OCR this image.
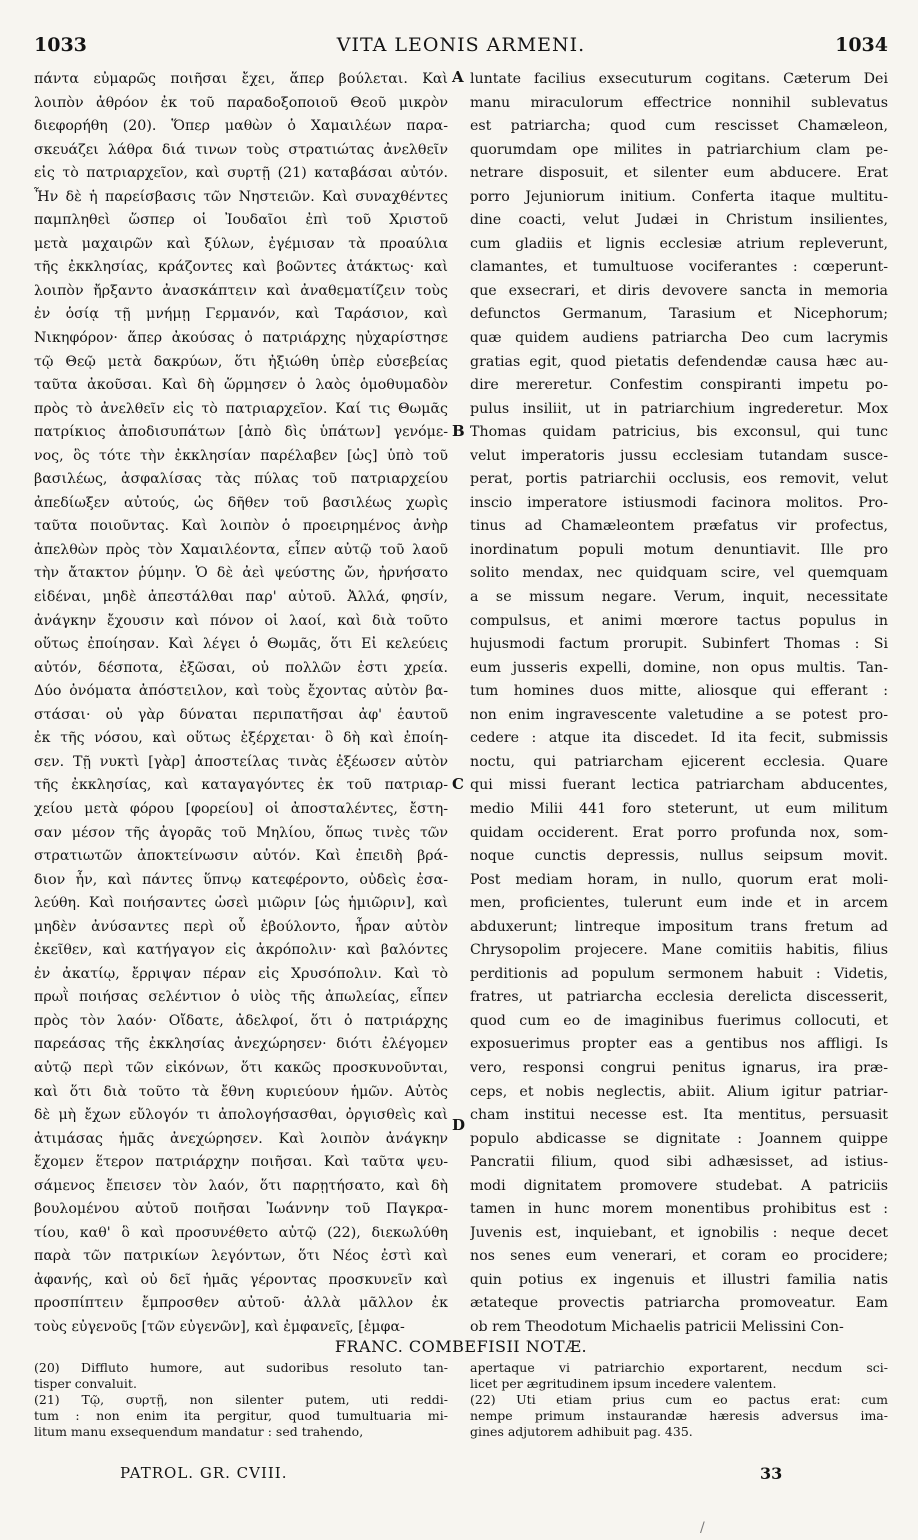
1033	VITA LEONIS ARMENI.	1034
πάντα εὐμαρῶς ποιῆσαι ἔχει, ἅπερ βούλεται. Καὶ
λοιπὸν ἀθρόον ἐκ τοῦ παραδοξοποιοῦ Θεοῦ μικρὸν
διεφορήθη (20). Ὅπερ μαθὼν ὁ Χαμαιλέων παρα-
σκευάζει λάθρα διά τινων τοὺς στρατιώτας ἀνελθεῖν
εἰς τὸ πατριαρχεῖον, καὶ συρτῇ (21) καταβάσαι αὐτόν.
Ἦν δὲ ἡ παρείσβασις τῶν Νηστειῶν. Καὶ συναχθέντες
παμπληθεὶ ὥσπερ οἱ Ἰουδαῖοι ἐπὶ τοῦ Χριστοῦ
μετὰ μαχαιρῶν καὶ ξύλων, ἐγέμισαν τὰ προαύλια
τῆς ἐκκλησίας, κράζοντες καὶ βοῶντες ἀτάκτως· καὶ
λοιπὸν ἤρξαντο ἀνασκάπτειν καὶ ἀναθεματίζειν τοὺς
ἐν ὁσίᾳ τῇ μνήμῃ Γερμανόν, καὶ Ταράσιον, καὶ
Νικηφόρον· ἅπερ ἀκούσας ὁ πατριάρχης ηὐχαρίστησε
τῷ Θεῷ μετὰ δακρύων, ὅτι ἠξιώθη ὑπὲρ εὐσεβείας
ταῦτα ἀκοῦσαι. Καὶ δὴ ὥρμησεν ὁ λαὸς ὁμοθυμαδὸν
πρὸς τὸ ἀνελθεῖν εἰς τὸ πατριαρχεῖον. Καί τις Θωμᾶς
πατρίκιος ἀποδισυπάτων [ἀπὸ δὶς ὑπάτων] γενόμε-
νος, ὃς τότε τὴν ἐκκλησίαν παρέλαβεν [ὡς] ὑπὸ τοῦ
βασιλέως, ἀσφαλίσας τὰς πύλας τοῦ πατριαρχείου
ἀπεδίωξεν αὐτούς, ὡς δῆθεν τοῦ βασιλέως χωρὶς
ταῦτα ποιοῦντας. Καὶ λοιπὸν ὁ προειρημένος ἀνὴρ
ἀπελθὼν πρὸς τὸν Χαμαιλέοντα, εἶπεν αὐτῷ τοῦ λαοῦ
τὴν ἄτακτον ῥύμην. Ὁ δὲ ἀεὶ ψεύστης ὤν, ἠρνήσατο
εἰδέναι, μηδὲ ἀπεστάλθαι παρ' αὐτοῦ. Ἀλλά, φησίν,
ἀνάγκην ἔχουσιν καὶ πόνον οἱ λαοί, καὶ διὰ τοῦτο
οὕτως ἐποίησαν. Καὶ λέγει ὁ Θωμᾶς, ὅτι Εἰ κελεύεις
αὐτόν, δέσποτα, ἐξῶσαι, οὐ πολλῶν ἐστι χρεία.
Δύο ὀνόματα ἀπόστειλον, καὶ τοὺς ἔχοντας αὐτὸν βα-
στάσαι· οὐ γὰρ δύναται περιπατῆσαι ἀφ' ἑαυτοῦ
ἐκ τῆς νόσου, καὶ οὕτως ἐξέρχεται· ὃ δὴ καὶ ἐποίη-
σεν. Τῇ νυκτὶ [γὰρ] ἀποστείλας τινὰς ἐξέωσεν αὐτὸν
τῆς ἐκκλησίας, καὶ καταγαγόντες ἐκ τοῦ πατριαρ-
χείου μετὰ φόρου [φορείου] οἱ ἀποσταλέντες, ἔστη-
σαν μέσον τῆς ἀγορᾶς τοῦ Μηλίου, ὅπως τινὲς τῶν
στρατιωτῶν ἀποκτείνωσιν αὐτόν. Καὶ ἐπειδὴ βρά-
διον ἦν, καὶ πάντες ὕπνῳ κατεφέροντο, οὐδεὶς ἐσα-
λεύθη. Καὶ ποιήσαντες ὡσεὶ μιῶριν [ὡς ἡμιῶριν], καὶ
μηδὲν ἀνύσαντες περὶ οὗ ἐβούλοντο, ἦραν αὐτὸν
ἐκεῖθεν, καὶ κατήγαγον εἰς ἀκρόπολιν· καὶ βαλόντες
ἐν ἀκατίῳ, ἔρριψαν πέραν εἰς Χρυσόπολιν. Καὶ τὸ
πρωῒ ποιήσας σελέντιον ὁ υἱὸς τῆς ἀπωλείας, εἶπεν
πρὸς τὸν λαόν· Οἴδατε, ἀδελφοί, ὅτι ὁ πατριάρχης
παρεάσας τῆς ἐκκλησίας ἀνεχώρησεν· διότι ἐλέγομεν
αὐτῷ περὶ τῶν εἰκόνων, ὅτι κακῶς προσκυνοῦνται,
καὶ ὅτι διὰ τοῦτο τὰ ἔθνη κυριεύουν ἡμῶν. Αὐτὸς
δὲ μὴ ἔχων εὔλογόν τι ἀπολογήσασθαι, ὀργισθεὶς καὶ
ἀτιμάσας ἡμᾶς ἀνεχώρησεν. Καὶ λοιπὸν ἀνάγκην
ἔχομεν ἕτερον πατριάρχην ποιῆσαι. Καὶ ταῦτα ψευ-
σάμενος ἔπεισεν τὸν λαόν, ὅτι παρῃτήσατο, καὶ δὴ
βουλομένου αὐτοῦ ποιῆσαι Ἰωάννην τοῦ Παγκρα-
τίου, καθ' ὃ καὶ προσυνέθετο αὐτῷ (22), διεκωλύθη
παρὰ τῶν πατρικίων λεγόντων, ὅτι Νέος ἐστὶ καὶ
ἀφανής, καὶ οὐ δεῖ ἡμᾶς γέροντας προσκυνεῖν καὶ
προσπίπτειν ἔμπροσθεν αὐτοῦ· ἀλλὰ μᾶλλον ἐκ
τοὺς εὐγενοῦς [τῶν εὐγενῶν], καὶ ἐμφανεῖς, [ἐμφα-
luntate facilius exsecuturum cogitans. Cæterum Dei
manu miraculorum effectrice nonnihil sublevatus
est patriarcha; quod cum rescisset Chamæleon,
quorumdam ope milites in patriarchium clam pe-
netrare disposuit, et silenter eum abducere. Erat
porro Jejuniorum initium. Conferta itaque multitu-
dine coacti, velut Judæi in Christum insilientes,
cum gladiis et lignis ecclesiæ atrium repleverunt,
clamantes, et tumultuose vociferantes : cœperunt-
que exsecrari, et diris devovere sancta in memoria
defunctos Germanum, Tarasium et Nicephorum;
quæ quidem audiens patriarcha Deo cum lacrymis
gratias egit, quod pietatis defendendæ causa hæc au-
dire mereretur. Confestim conspiranti impetu po-
pulus insiliit, ut in patriarchium ingrederetur. Mox
Thomas quidam patricius, bis exconsul, qui tunc
velut imperatoris jussu ecclesiam tutandam susce-
perat, portis patriarchii occlusis, eos removit, velut
inscio imperatore istiusmodi facinora molitos. Pro-
tinus ad Chamæleontem præfatus vir profectus,
inordinatum populi motum denuntiavit. Ille pro
solito mendax, nec quidquam scire, vel quemquam
a se missum negare. Verum, inquit, necessitate
compulsus, et animi mœrore tactus populus in
hujusmodi factum prorupit. Subinfert Thomas : Si
eum jusseris expelli, domine, non opus multis. Tan-
tum homines duos mitte, aliosque qui efferant :
non enim ingravescente valetudine a se potest pro-
cedere : atque ita discedet. Id ita fecit, submissis
noctu, qui patriarcham ejicerent ecclesia. Quare
qui missi fuerant lectica patriarcham abducentes,
medio Milii 441 foro steterunt, ut eum militum
quidam occiderent. Erat porro profunda nox, som-
noque cunctis depressis, nullus seipsum movit.
Post mediam horam, in nullo, quorum erat moli-
men, proficientes, tulerunt eum inde et in arcem
abduxerunt; lintreque impositum trans fretum ad
Chrysopolim projecere. Mane comitiis habitis, filius
perditionis ad populum sermonem habuit : Videtis,
fratres, ut patriarcha ecclesia derelicta discesserit,
quod cum eo de imaginibus fuerimus collocuti, et
exposuerimus propter eas a gentibus nos affligi. Is
vero, responsi congrui penitus ignarus, ira præ-
ceps, et nobis neglectis, abiit. Alium igitur patriar-
cham institui necesse est. Ita mentitus, persuasit
populo abdicasse se dignitate : Joannem quippe
Pancratii filium, quod sibi adhæsisset, ad istius-
modi dignitatem promovere studebat. A patriciis
tamen in hunc morem monentibus prohibitus est :
Juvenis est, inquiebant, et ignobilis : neque decet
nos senes eum venerari, et coram eo procidere;
quin potius ex ingenuis et illustri familia natis
ætateque provectis patriarcha promoveatur. Eam
ob rem Theodotum Michaelis patricii Melissini Con-
A
B
C
D
FRANC. COMBEFISII NOTÆ.
(20) Diffluto humore, aut sudoribus resoluto tan-
tisper convaluit.
(21) Τῷ, συρτῇ, non silenter putem, uti reddi-
tum : non enim ita pergitur, quod tumultuaria mi-
litum manu exsequendum mandatur : sed trahendo,
apertaque vi patriarchio exportarent, necdum sci-
licet per ægritudinem ipsum incedere valentem.
(22) Uti etiam prius cum eo pactus erat: cum
nempe primum instaurandæ hæresis adversus ima-
gines adjutorem adhibuit pag. 435.
PATROL. GR. CVIII.	33
/
